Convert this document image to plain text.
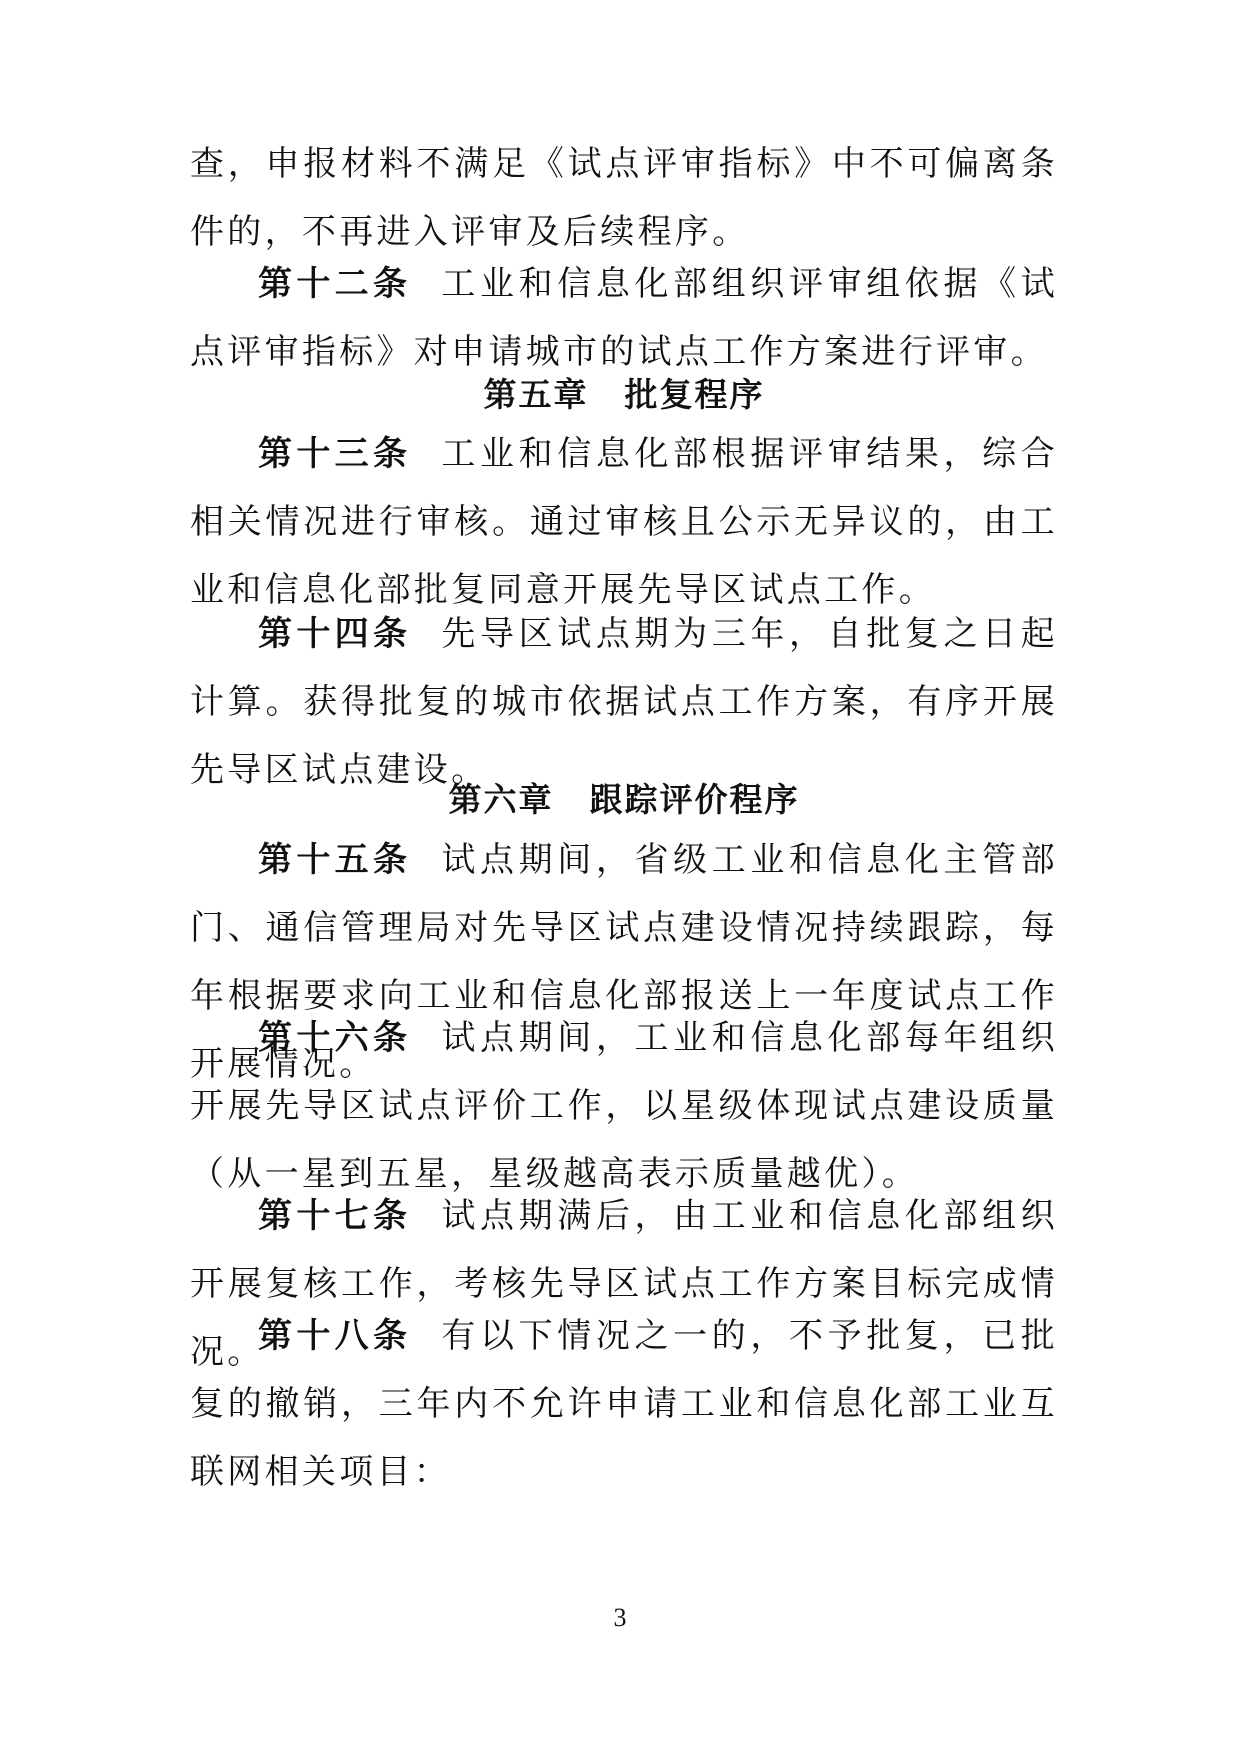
查，申报材料不满足《试点评审指标》中不可偏离条件的，不再进入评审及后续程序。

第十二条 工业和信息化部组织评审组依据《试点评审指标》对申请城市的试点工作方案进行评审。

第五章 批复程序

第十三条 工业和信息化部根据评审结果，综合相关情况进行审核。通过审核且公示无异议的，由工业和信息化部批复同意开展先导区试点工作。

第十四条 先导区试点期为三年，自批复之日起计算。获得批复的城市依据试点工作方案，有序开展先导区试点建设。

第六章 跟踪评价程序

第十五条 试点期间，省级工业和信息化主管部门、通信管理局对先导区试点建设情况持续跟踪，每年根据要求向工业和信息化部报送上一年度试点工作开展情况。

第十六条 试点期间，工业和信息化部每年组织开展先导区试点评价工作，以星级体现试点建设质量（从一星到五星，星级越高表示质量越优）。

第十七条 试点期满后，由工业和信息化部组织开展复核工作，考核先导区试点工作方案目标完成情况。

第十八条 有以下情况之一的，不予批复，已批复的撤销，三年内不允许申请工业和信息化部工业互联网相关项目：

3
